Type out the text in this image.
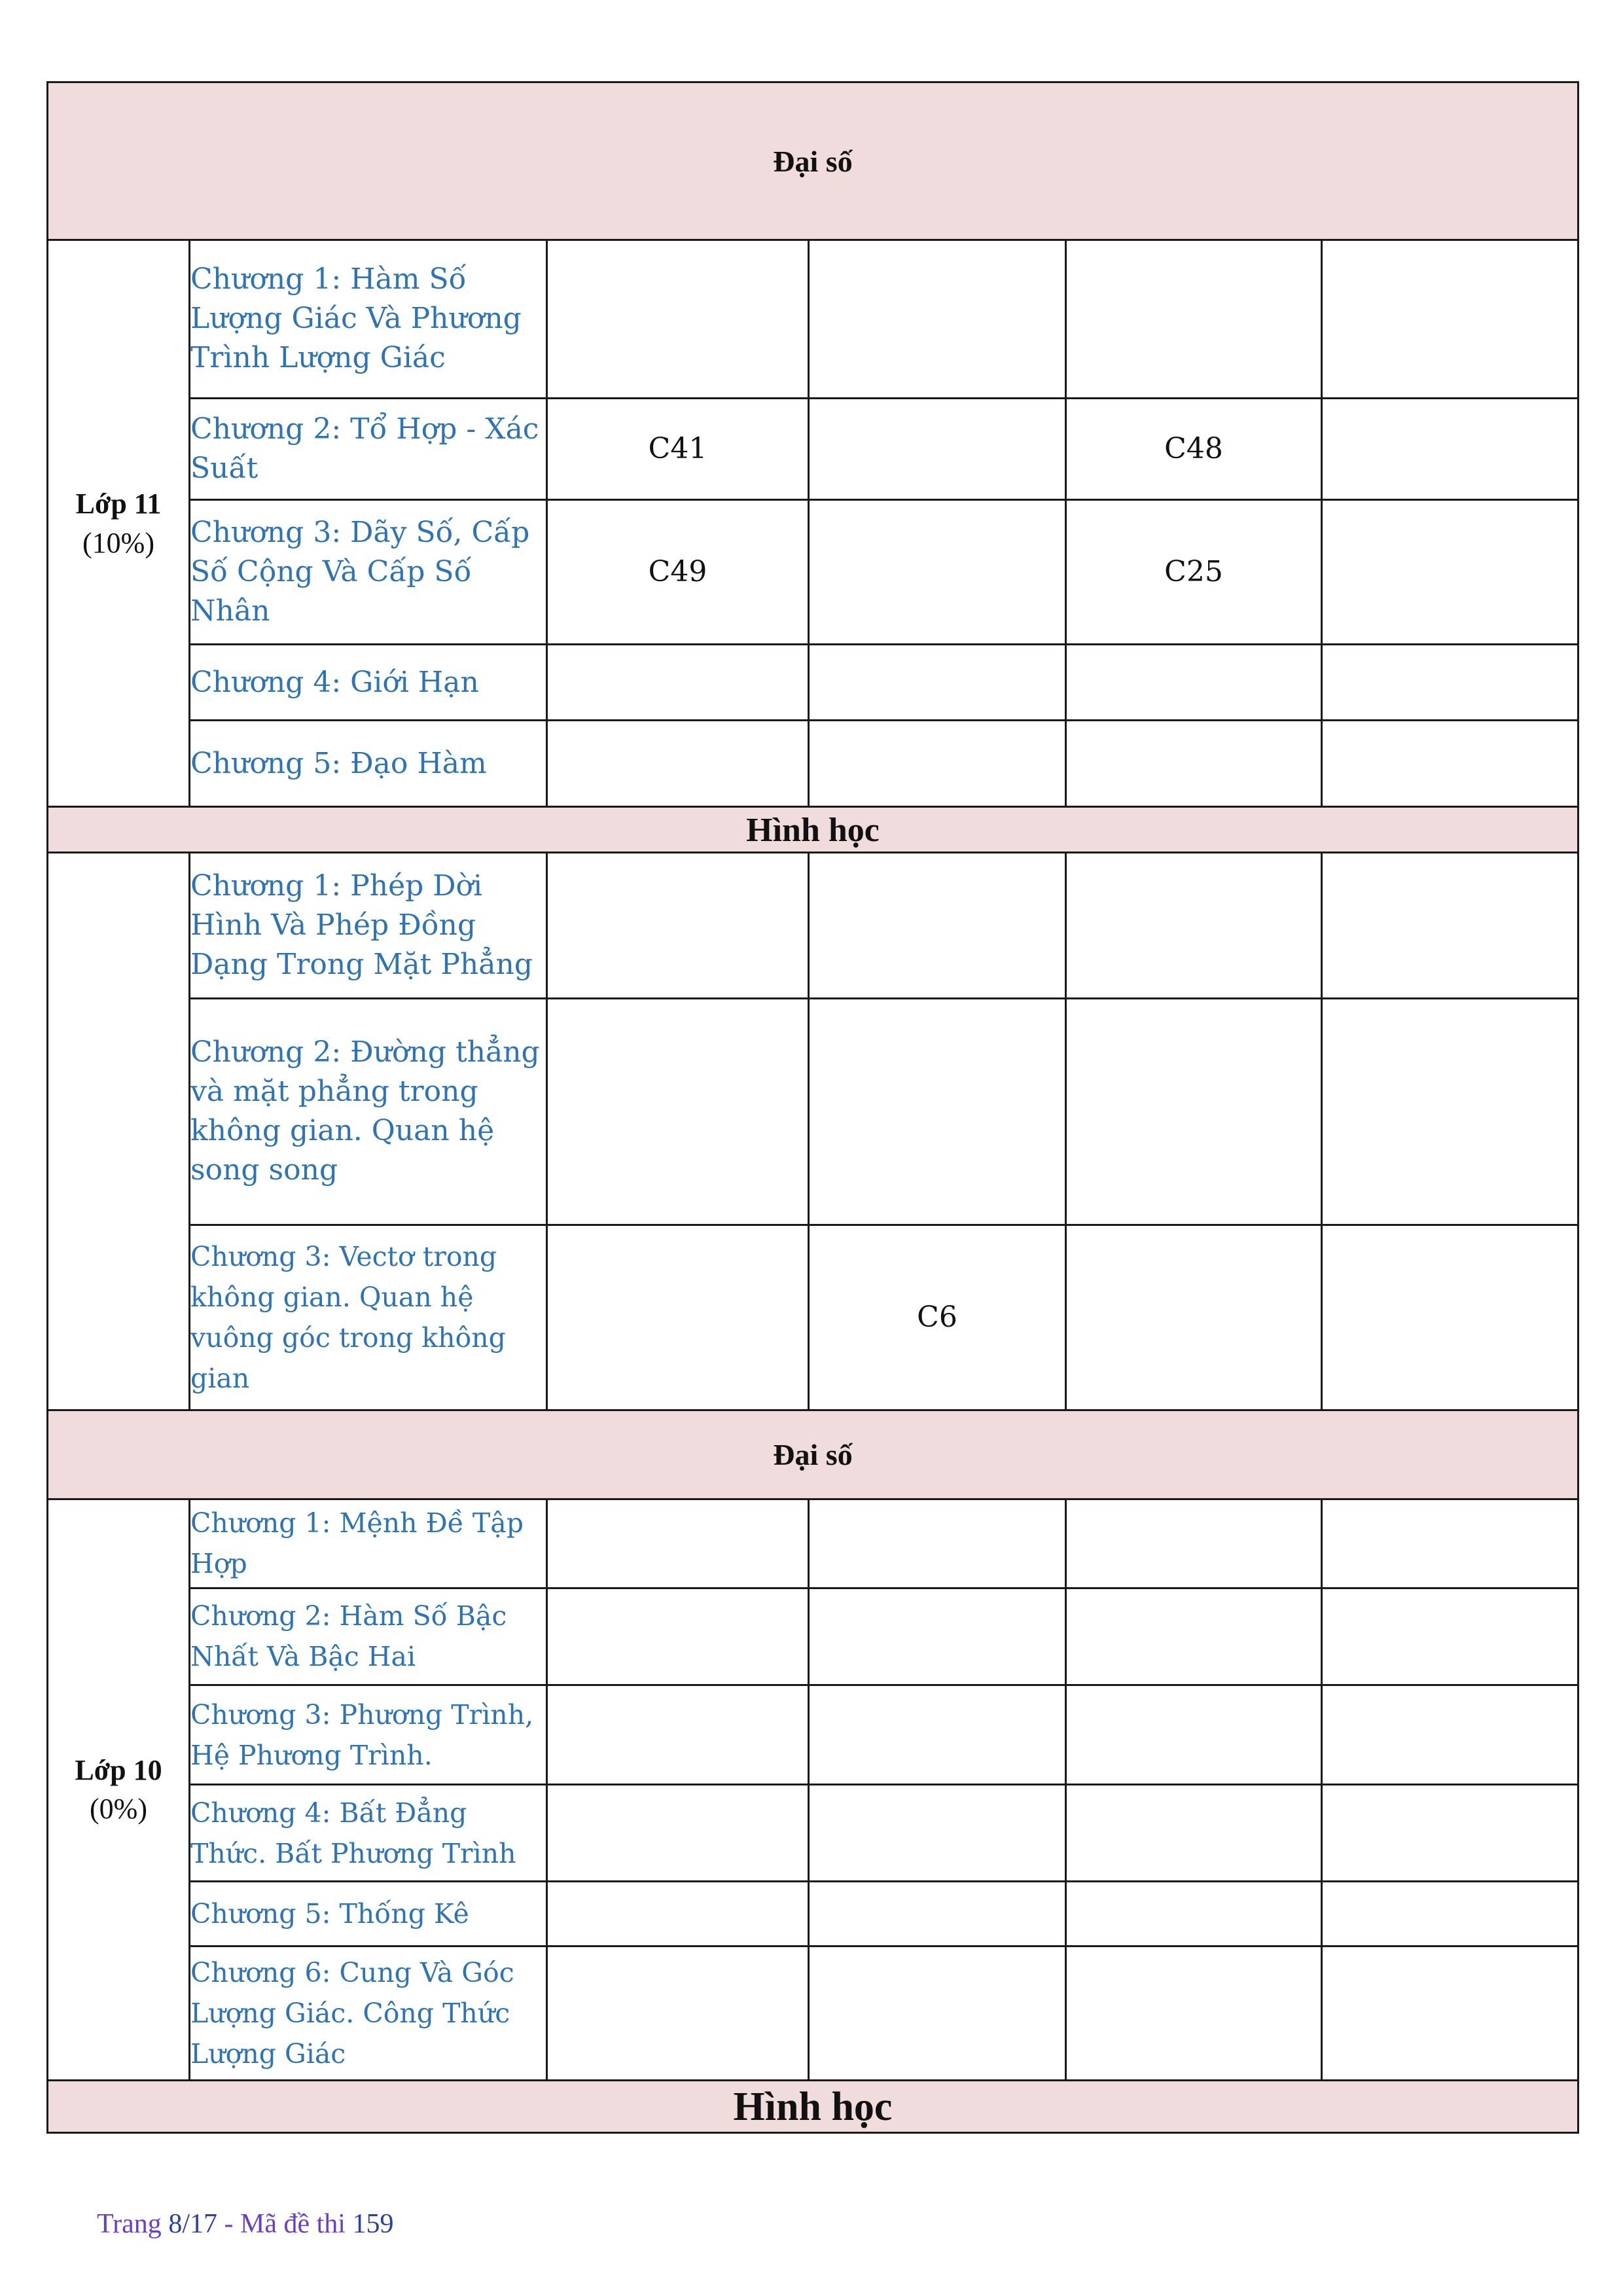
Đại số					

Lớp 11
(10%)	Chương 1: Hàm Số Lượng Giác Và Phương Trình Lượng Giác				
	Chương 2: Tổ Hợp - Xác Suất	C41		C48	
	Chương 3: Dãy Số, Cấp Số Cộng Và Cấp Số Nhân	C49		C25	
	Chương 4: Giới Hạn				
	Chương 5: Đạo Hàm				
Hình học					
	Chương 1: Phép Dời Hình Và Phép Đồng Dạng Trong Mặt Phẳng				
	Chương 2: Đường thẳng và mặt phẳng trong không gian. Quan hệ song song				
	Chương 3: Vectơ trong không gian. Quan hệ vuông góc trong không gian		C6		
Đại số					

Lớp 10
(0%)	Chương 1: Mệnh Đề Tập Hợp				
	Chương 2: Hàm Số Bậc Nhất Và Bậc Hai				
	Chương 3: Phương Trình, Hệ Phương Trình.				
	Chương 4: Bất Đẳng Thức. Bất Phương Trình				
	Chương 5: Thống Kê				
	Chương 6: Cung Và Góc Lượng Giác. Công Thức Lượng Giác				
Hình học					
Trang 8/17 - Mã đề thi 159
